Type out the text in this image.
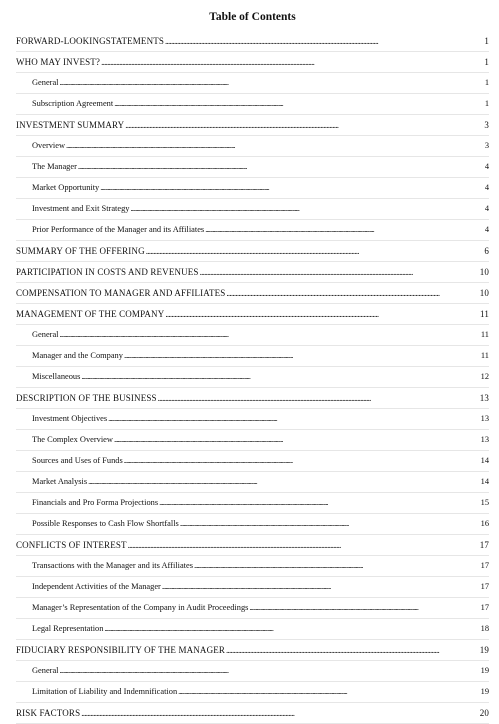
Table of Contents
FORWARD-LOOKINGSTATEMENTS . . .	1
WHO MAY INVEST? . . .	1
General . . .	1
Subscription Agreement . . .	1
INVESTMENT SUMMARY . . .	3
Overview . . .	3
The Manager . . .	4
Market Opportunity . . .	4
Investment and Exit Strategy . . .	4
Prior Performance of the Manager and its Affiliates . . .	4
SUMMARY OF THE OFFERING . . .	6
PARTICIPATION IN COSTS AND REVENUES . . .	10
COMPENSATION TO MANAGER AND AFFILIATES . . .	10
MANAGEMENT OF THE COMPANY . . .	11
General . . .	11
Manager and the Company . . .	11
Miscellaneous . . .	12
DESCRIPTION OF THE BUSINESS . . .	13
Investment Objectives . . .	13
The Complex Overview . . .	13
Sources and Uses of Funds . . .	14
Market Analysis . . .	14
Financials and Pro Forma Projections . . .	15
Possible Responses to Cash Flow Shortfalls . . .	16
CONFLICTS OF INTEREST . . .	17
Transactions with the Manager and its Affiliates . . .	17
Independent Activities of the Manager . . .	17
Manager’s Representation of the Company in Audit Proceedings . . .	17
Legal Representation . . .	18
FIDUCIARY RESPONSIBILITY OF THE MANAGER . . .	19
General . . .	19
Limitation of Liability and Indemnification . . .	19
RISK FACTORS . . .	20
